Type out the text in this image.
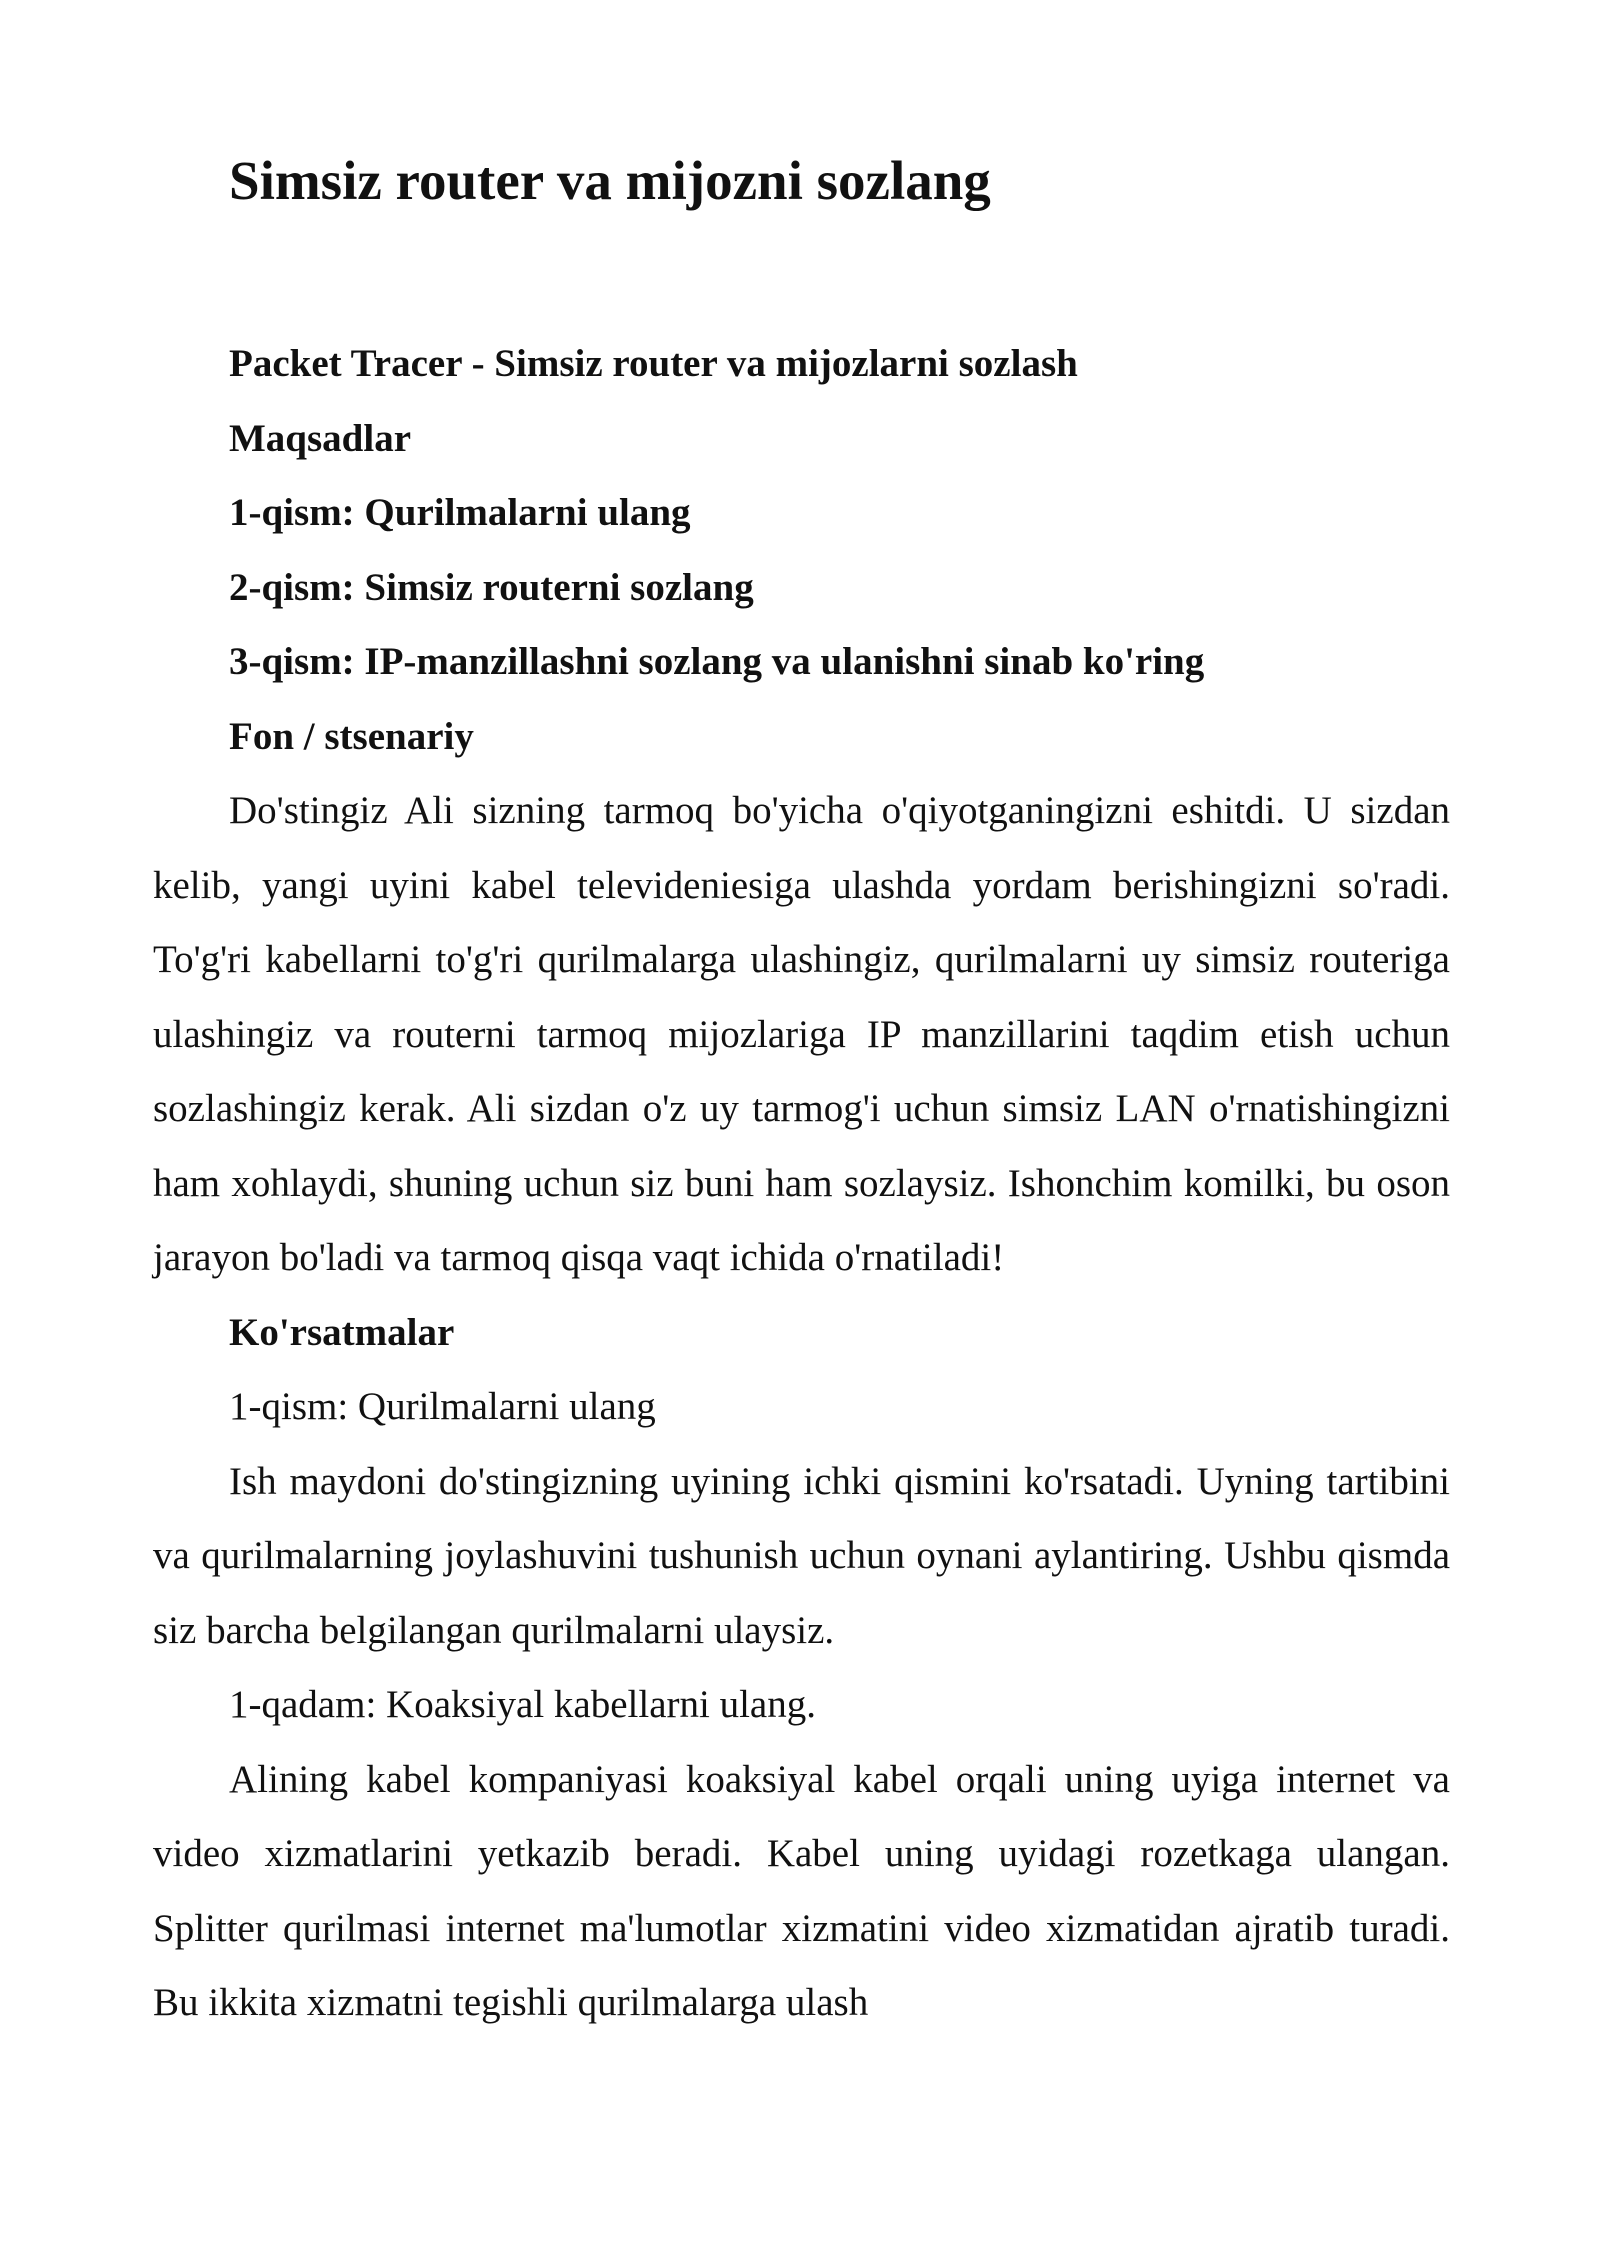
Simsiz router va mijozni sozlang

Packet Tracer - Simsiz router va mijozlarni sozlash

Maqsadlar

1-qism: Qurilmalarni ulang

2-qism: Simsiz routerni sozlang

3-qism: IP-manzillashni sozlang va ulanishni sinab ko'ring

Fon / stsenariy

Do'stingiz Ali sizning tarmoq bo'yicha o'qiyotganingizni eshitdi. U sizdan kelib, yangi uyini kabel televideniesiga ulashda yordam berishingizni so'radi. To'g'ri kabellarni to'g'ri qurilmalarga ulashingiz, qurilmalarni uy simsiz routeriga ulashingiz va routerni tarmoq mijozlariga IP manzillarini taqdim etish uchun sozlashingiz kerak. Ali sizdan o'z uy tarmog'i uchun simsiz LAN o'rnatishingizni ham xohlaydi, shuning uchun siz buni ham sozlaysiz. Ishonchim komilki, bu oson jarayon bo'ladi va tarmoq qisqa vaqt ichida o'rnatiladi!

Ko'rsatmalar

1-qism: Qurilmalarni ulang

Ish maydoni do'stingizning uyining ichki qismini ko'rsatadi. Uyning tartibini va qurilmalarning joylashuvini tushunish uchun oynani aylantiring. Ushbu qismda siz barcha belgilangan qurilmalarni ulaysiz.

1-qadam: Koaksiyal kabellarni ulang.

Alining kabel kompaniyasi koaksiyal kabel orqali uning uyiga internet va video xizmatlarini yetkazib beradi. Kabel uning uyidagi rozetkaga ulangan. Splitter qurilmasi internet ma'lumotlar xizmatini video xizmatidan ajratib turadi. Bu ikkita xizmatni tegishli qurilmalarga ulash
